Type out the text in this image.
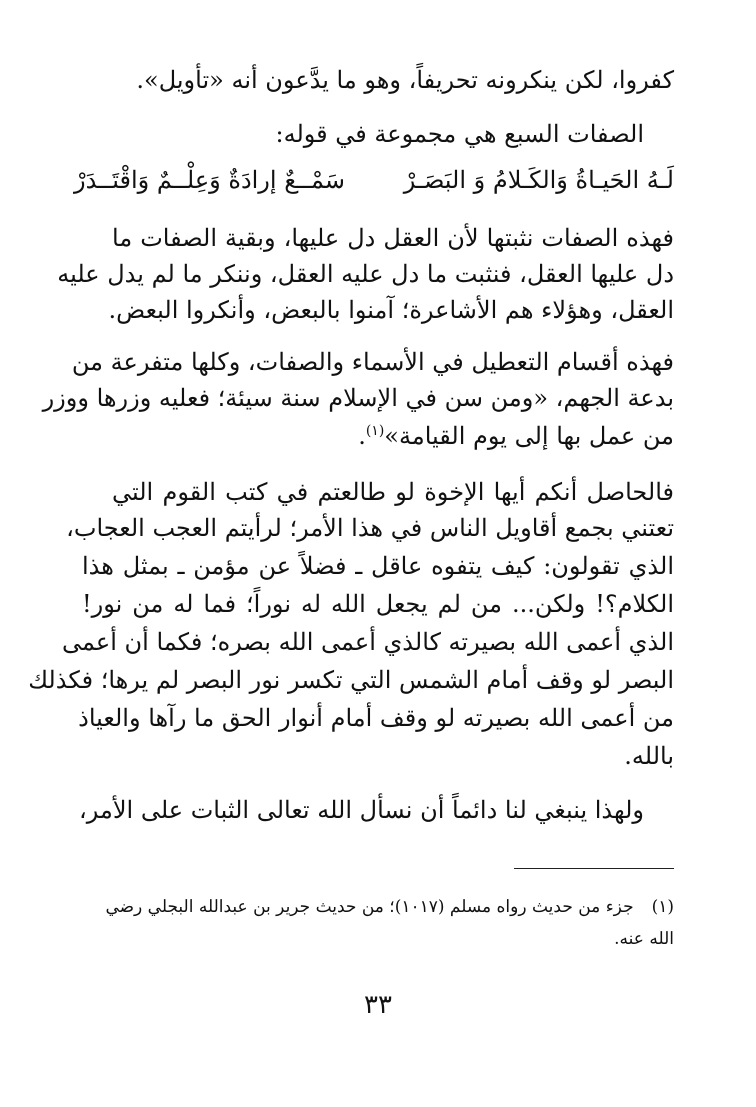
كفروا، لكن ينكرونه تحريفاً، وهو ما يدَّعون أنه «تأويل».
الصفات السبع هي مجموعة في قوله:
لَـهُ الحَيـاةُ وَالكَـلامُ وَ البَصَـرْ
سَمْــعٌ إرادَةٌ وَعِلْــمٌ وَاقْتَــدَرْ
فهذه الصفات نثبتها لأن العقل دل عليها، وبقية الصفات ما
دل عليها العقل، فنثبت ما دل عليه العقل، وننكر ما لم يدل عليه
العقل، وهؤلاء هم الأشاعرة؛ آمنوا بالبعض، وأنكروا البعض.
فهذه أقسام التعطيل في الأسماء والصفات، وكلها متفرعة من
بدعة الجهم، «ومن سن في الإسلام سنة سيئة؛ فعليه وزرها ووزر
من عمل بها إلى يوم القيامة»$^{(١)}$.
فالحاصل أنكم أيها الإخوة لو طالعتم في كتب القوم التي
تعتني بجمع أقاويل الناس في هذا الأمر؛ لرأيتم العجب العجاب،
الذي تقولون: كيف يتفوه عاقل ـ فضلاً عن مؤمن ـ بمثل هذا
الكلام؟! ولكن... من لم يجعل الله له نوراً؛ فما له من نور!
الذي أعمى الله بصيرته كالذي أعمى الله بصره؛ فكما أن أعمى
البصر لو وقف أمام الشمس التي تكسر نور البصر لم يرها؛ فكذلك
من أعمى الله بصيرته لو وقف أمام أنوار الحق ما رآها والعياذ
بالله.
ولهذا ينبغي لنا دائماً أن نسأل الله تعالى الثبات على الأمر،
(١)جزء من حديث رواه مسلم (١٠١٧)؛ من حديث جرير بن عبدالله البجلي رضي
الله عنه.
٣٣
